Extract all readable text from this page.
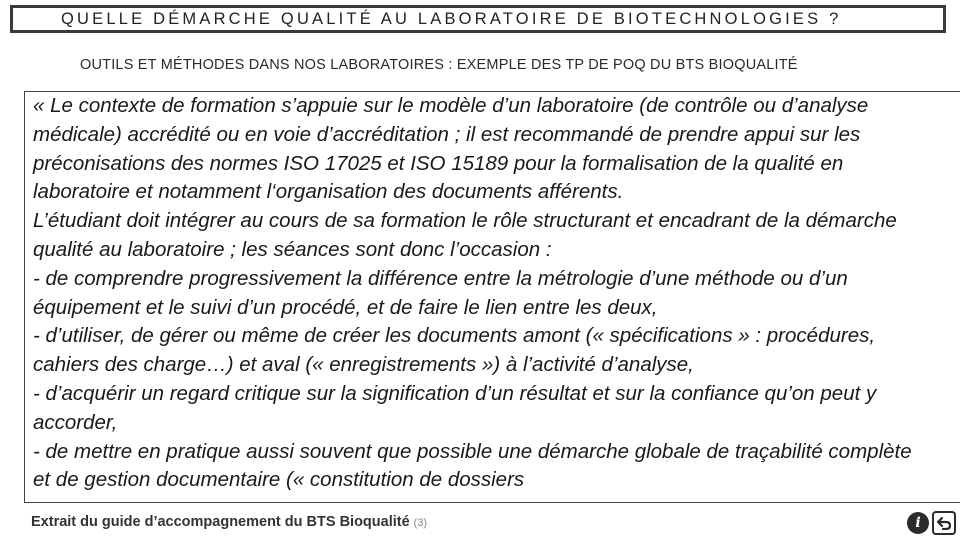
QUELLE DÉMARCHE QUALITÉ AU LABORATOIRE DE BIOTECHNOLOGIES ?
OUTILS ET MÉTHODES DANS NOS LABORATOIRES : EXEMPLE DES TP DE POQ DU BTS BIOQUALITÉ

« Le contexte de formation s’appuie sur le modèle d’un laboratoire (de contrôle ou d’analyse médicale) accrédité ou en voie d’accréditation ; il est recommandé de prendre appui sur les préconisations des normes ISO 17025 et ISO 15189 pour la formalisation de la qualité en laboratoire et notamment l‘organisation des documents afférents.

L’étudiant doit intégrer au cours de sa formation le rôle structurant et encadrant de la démarche qualité au laboratoire ; les séances sont donc l’occasion :

- de comprendre progressivement la différence entre la métrologie d’une méthode ou d’un équipement et le suivi d’un procédé, et de faire le lien entre les deux,

- d’utiliser, de gérer ou même de créer les documents amont (« spécifications » : procédures, cahiers des charge…) et aval (« enregistrements ») à l’activité d’analyse,

- d’acquérir un regard critique sur la signification d’un résultat et sur la confiance qu’on peut y accorder,

- de mettre en pratique aussi souvent que possible une démarche globale de traçabilité complète et de gestion documentaire (« constitution de dossiers

Extrait du guide d’accompagnement du BTS Bioqualité (3)	i
